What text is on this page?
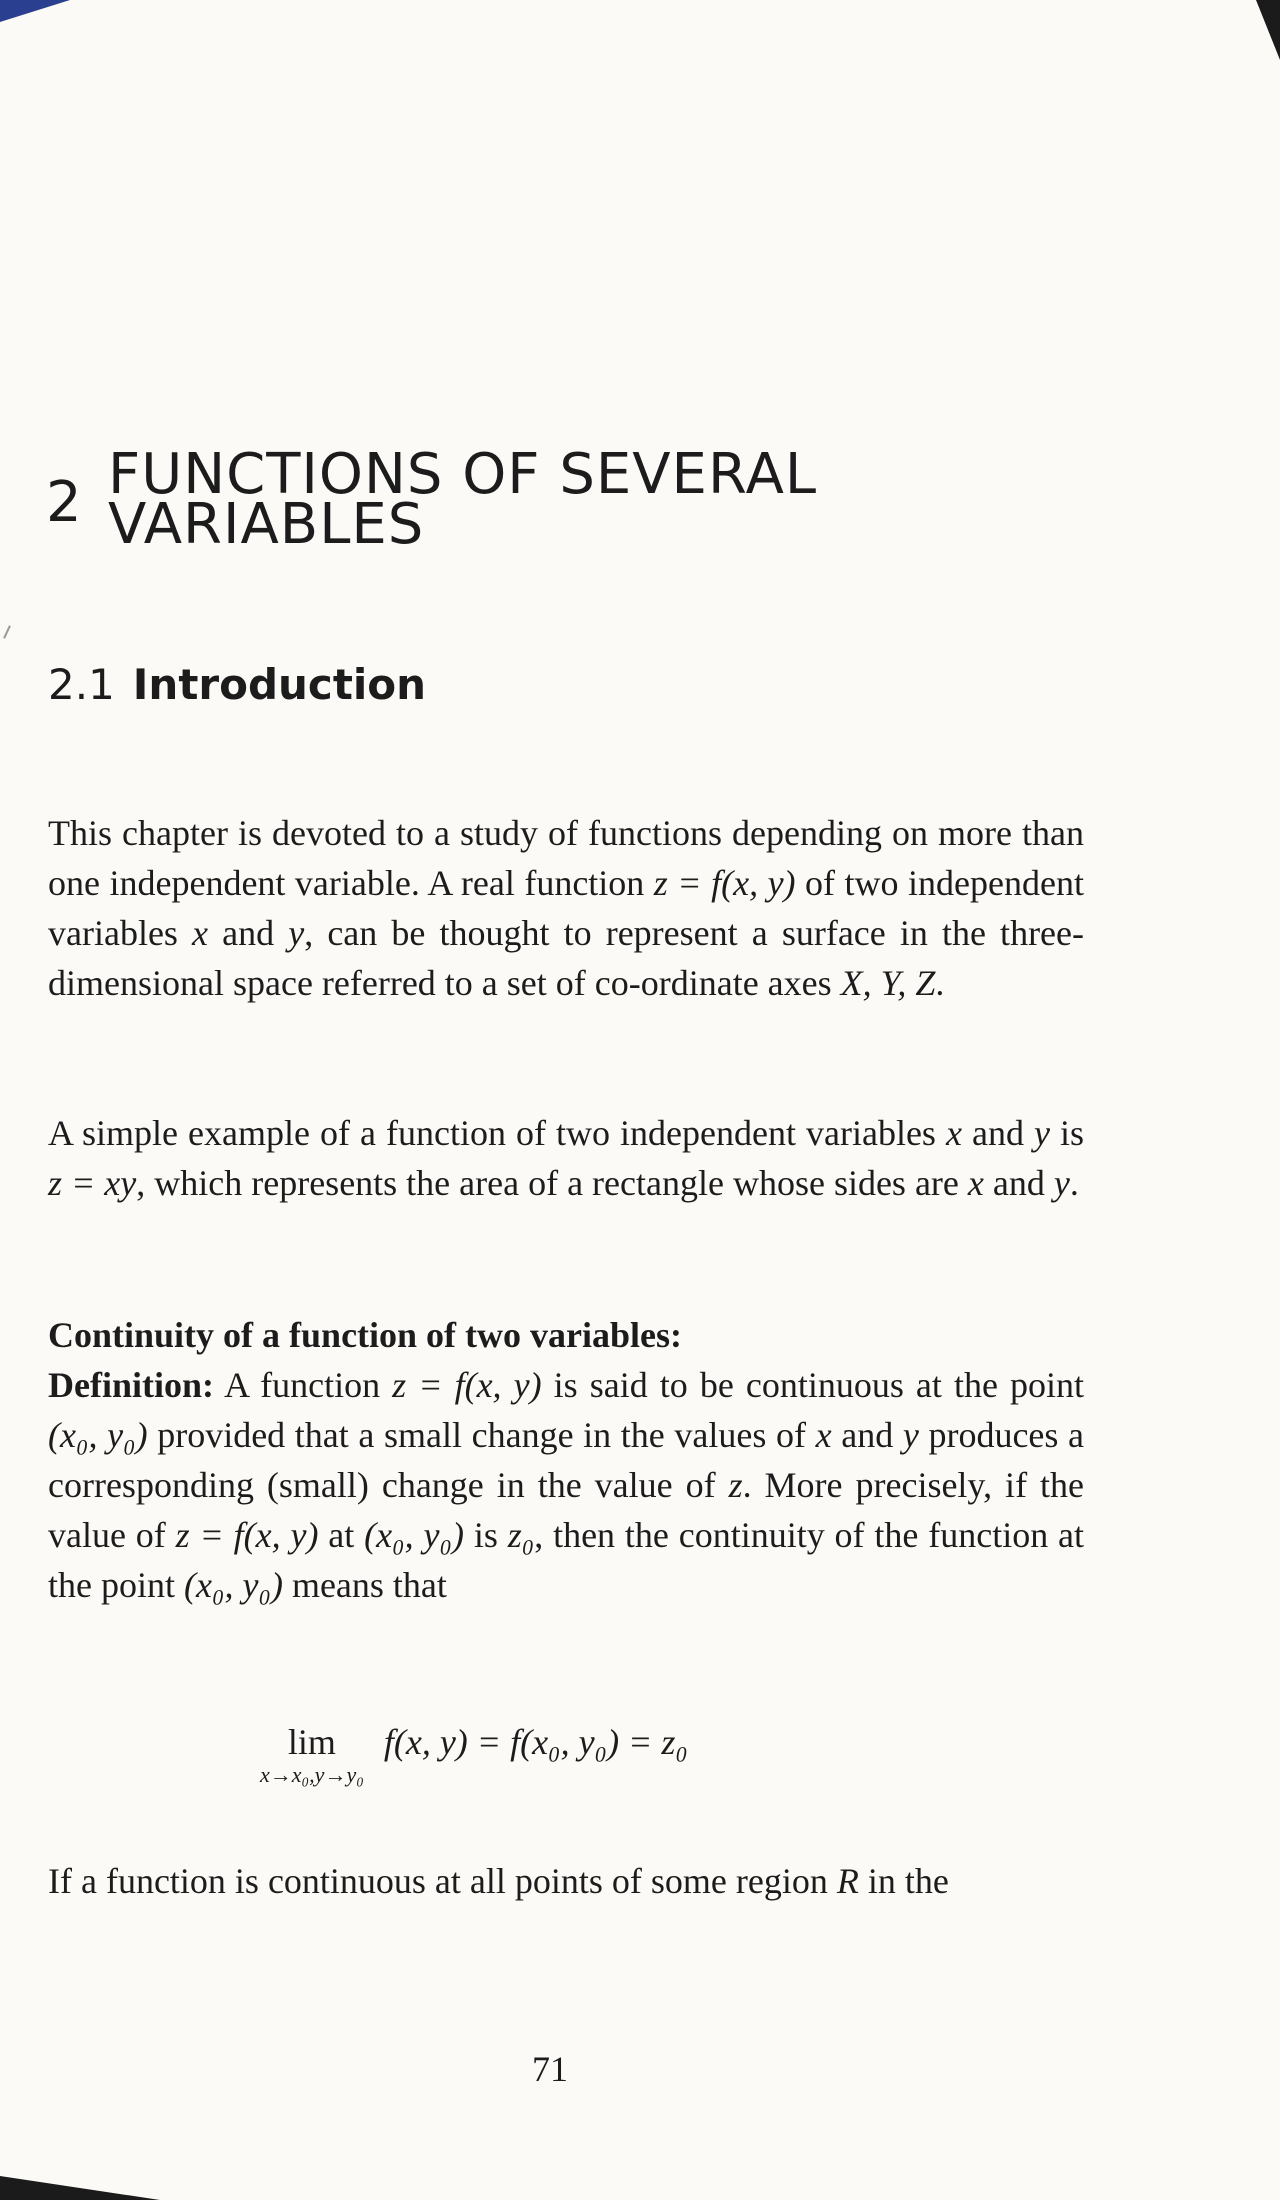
2 FUNCTIONS OF SEVERAL VARIABLES
2.1 Introduction

This chapter is devoted to a study of functions depending on more than one independent variable. A real function z = f(x, y) of two independent variables x and y, can be thought to represent a surface in the three-dimensional space referred to a set of co-ordinate axes X, Y, Z.

A simple example of a function of two independent variables x and y is z = xy, which represents the area of a rectangle whose sides are x and y.

Continuity of a function of two variables:
Definition: A function z = f(x, y) is said to be continuous at the point (x₀, y₀) provided that a small change in the values of x and y produces a corresponding (small) change in the value of z. More precisely, if the value of z = f(x, y) at (x₀, y₀) is z₀, then the continuity of the function at the point (x₀, y₀) means that

lim
x→x₀,y→y₀
f(x, y) = f(x₀, y₀) = z₀

If a function is continuous at all points of some region R in the

71
